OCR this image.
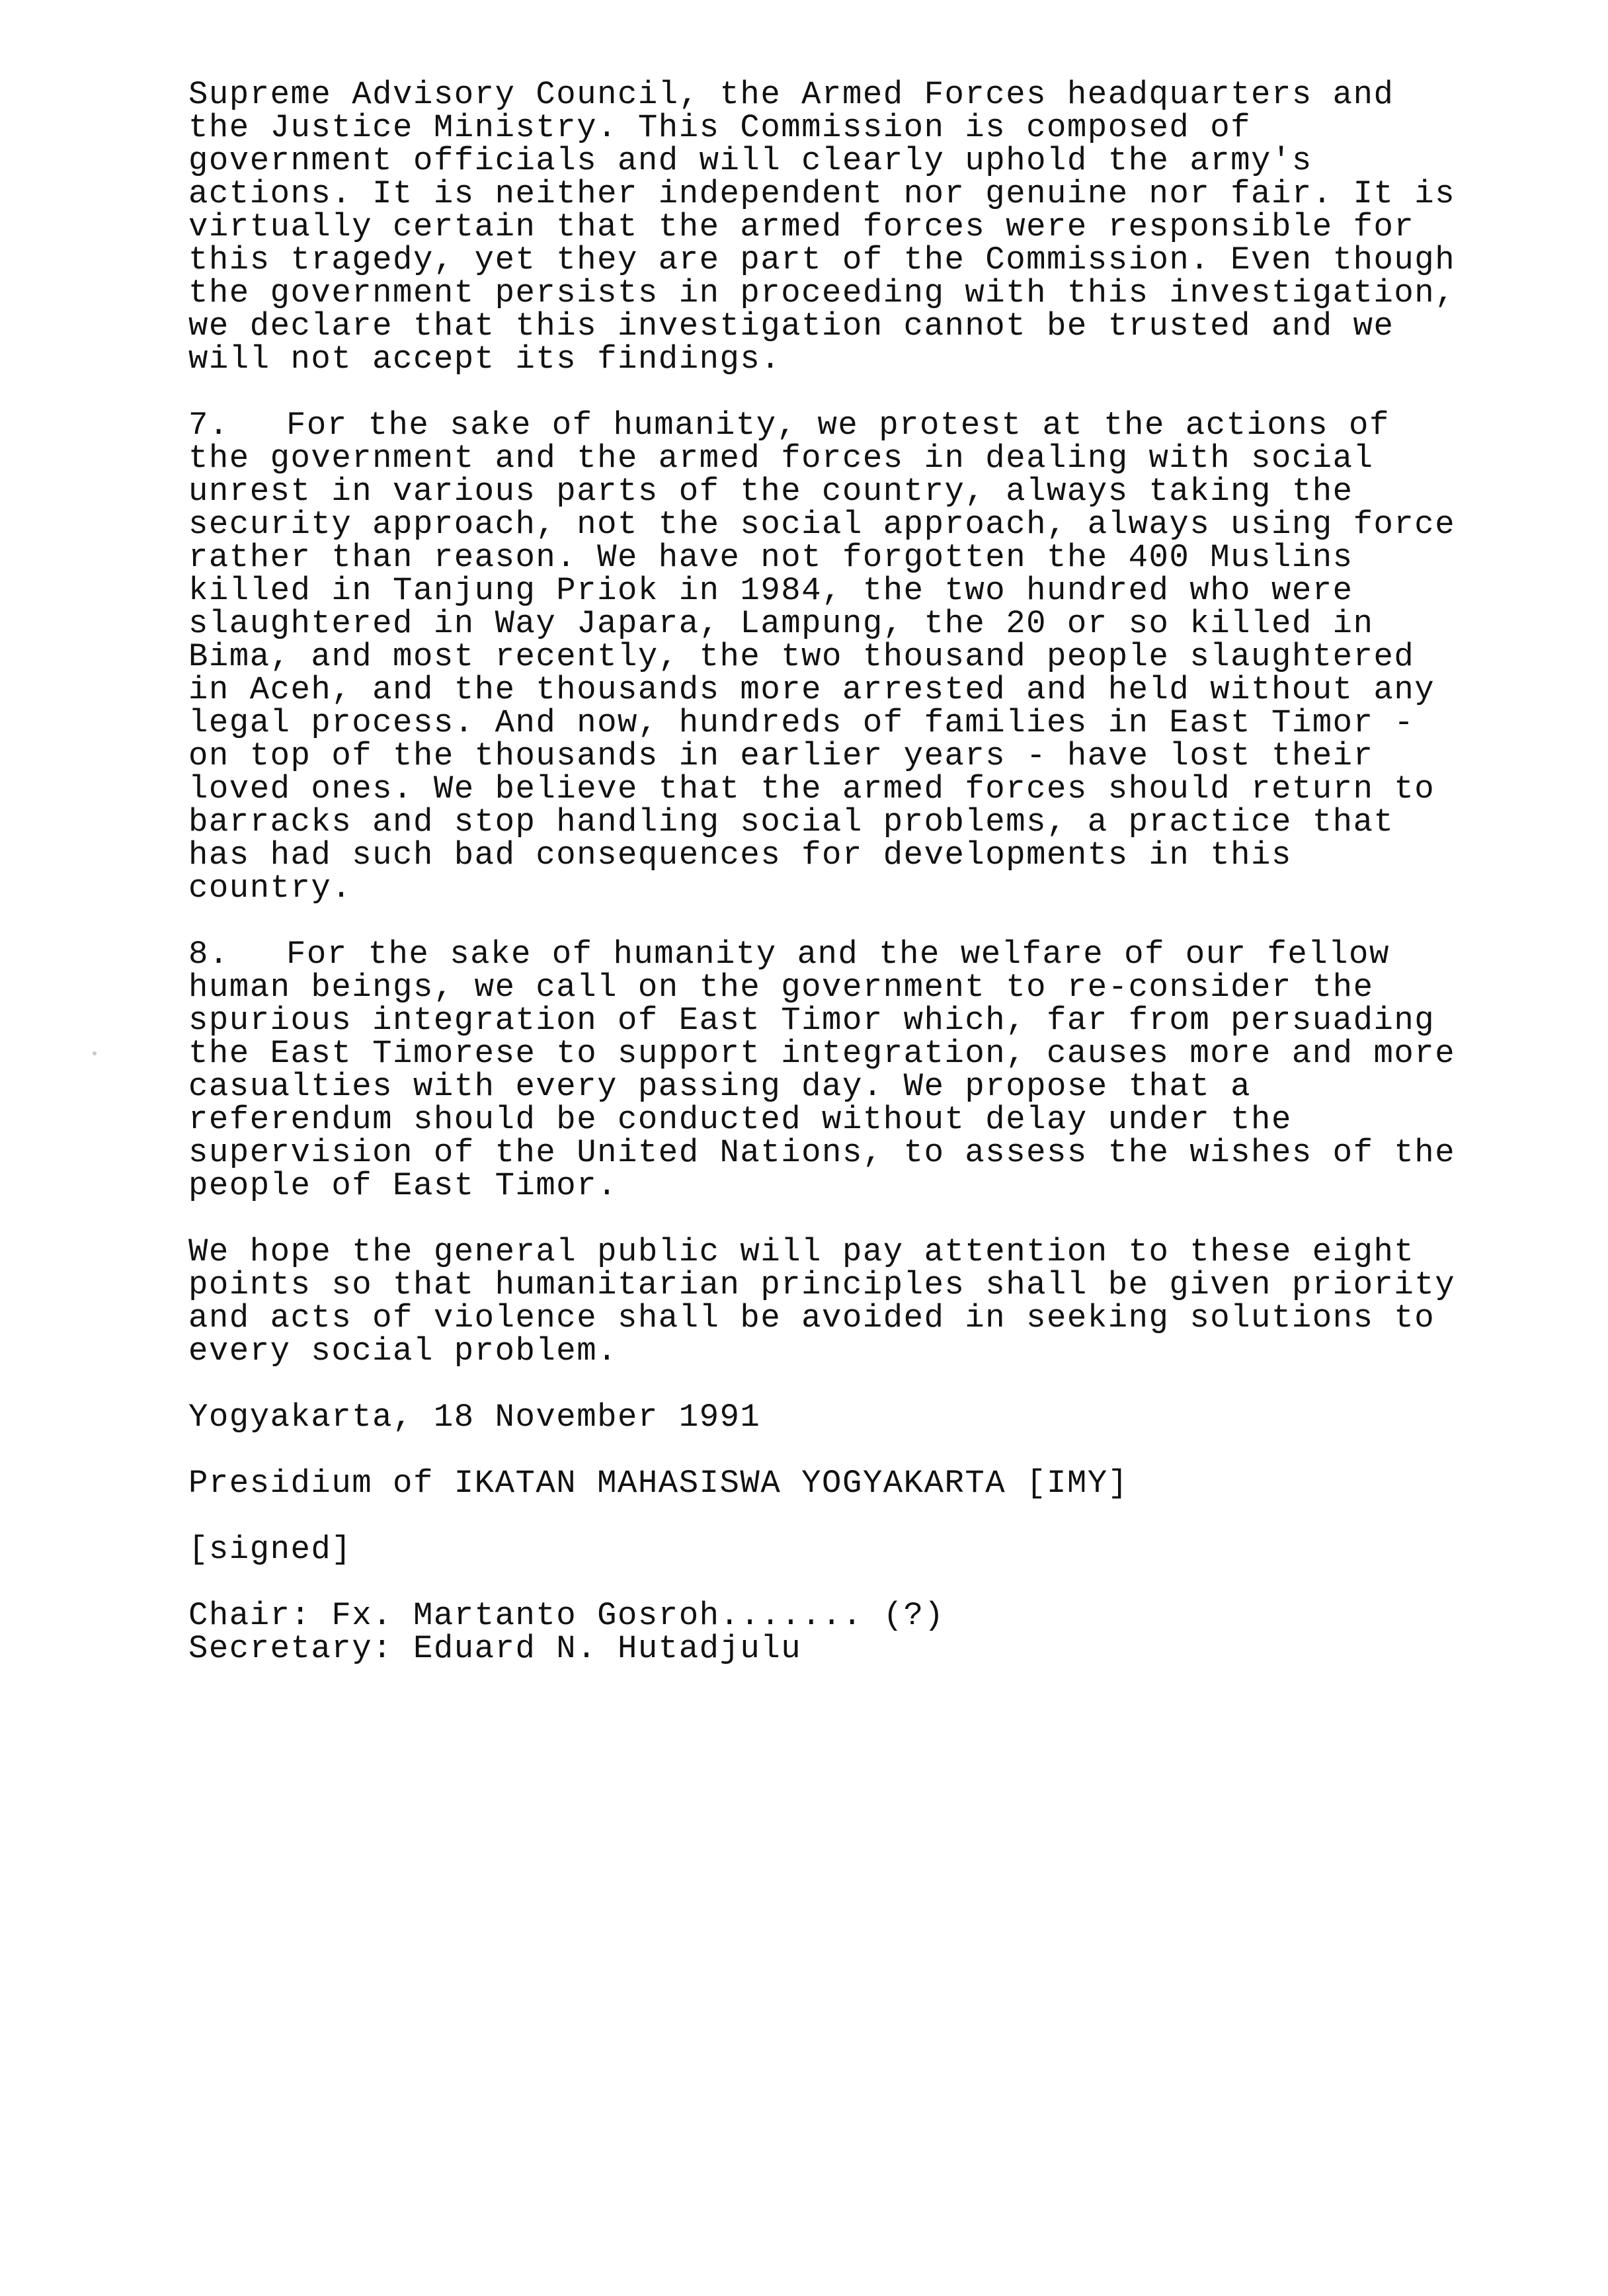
Supreme Advisory Council, the Armed Forces headquarters and
the Justice Ministry. This Commission is composed of
government officials and will clearly uphold the army's
actions. It is neither independent nor genuine nor fair. It is
virtually certain that the armed forces were responsible for
this tragedy, yet they are part of the Commission. Even though
the government persists in proceeding with this investigation,
we declare that this investigation cannot be trusted and we
will not accept its findings.
7. For the sake of humanity, we protest at the actions of
the government and the armed forces in dealing with social
unrest in various parts of the country, always taking the
security approach, not the social approach, always using force
rather than reason. We have not forgotten the 400 Muslins
killed in Tanjung Priok in 1984, the two hundred who were
slaughtered in Way Japara, Lampung, the 20 or so killed in
Bima, and most recently, the two thousand people slaughtered
in Aceh, and the thousands more arrested and held without any
legal process. And now, hundreds of families in East Timor -
on top of the thousands in earlier years - have lost their
loved ones. We believe that the armed forces should return to
barracks and stop handling social problems, a practice that
has had such bad consequences for developments in this
country.
8. For the sake of humanity and the welfare of our fellow
human beings, we call on the government to re-consider the
spurious integration of East Timor which, far from persuading
the East Timorese to support integration, causes more and more
casualties with every passing day. We propose that a
referendum should be conducted without delay under the
supervision of the United Nations, to assess the wishes of the
people of East Timor.
We hope the general public will pay attention to these eight
points so that humanitarian principles shall be given priority
and acts of violence shall be avoided in seeking solutions to
every social problem.
Yogyakarta, 18 November 1991
Presidium of IKATAN MAHASISWA YOGYAKARTA [IMY]
[signed]
Chair: Fx. Martanto Gosroh....... (?)
Secretary: Eduard N. Hutadjulu
